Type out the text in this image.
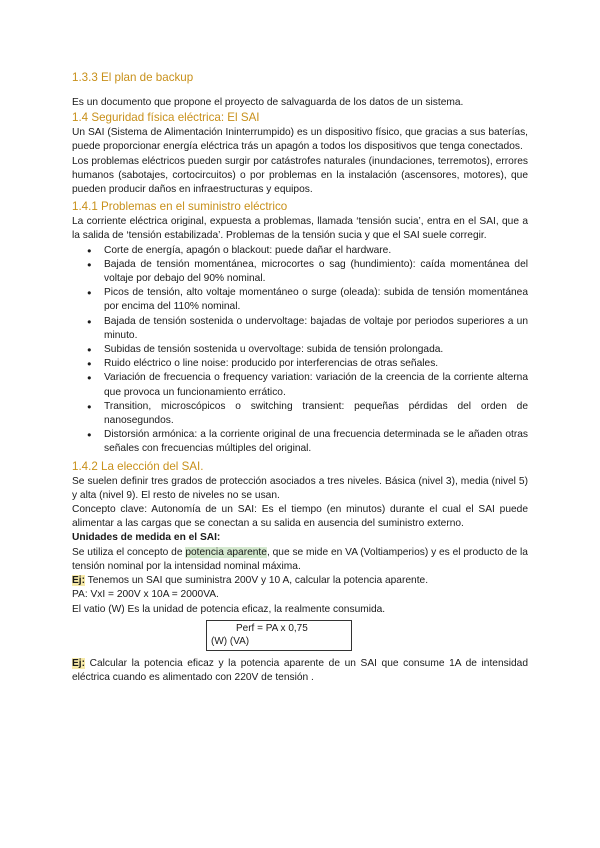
1.3.3 El plan de backup

Es un documento que propone el proyecto de salvaguarda de los datos de un sistema.

1.4 Seguridad física eléctrica: El SAI

Un SAI (Sistema de Alimentación Ininterrumpido) es un dispositivo físico, que gracias a sus baterías, puede proporcionar energía eléctrica trás un apagón a todos los dispositivos que tenga conectados.

Los problemas eléctricos pueden surgir por catástrofes naturales (inundaciones, terremotos), errores humanos (sabotajes, cortocircuitos) o por problemas en la instalación (ascensores, motores), que pueden producir daños en infraestructuras y equipos.

1.4.1 Problemas en el suministro eléctrico

La corriente eléctrica original, expuesta a problemas, llamada ‘tensión sucia’, entra en el SAI, que a la salida de ‘tensión estabilizada’. Problemas de la tensión sucia y que el SAI suele corregir.

● Corte de energía, apagón o blackout: puede dañar el hardware.
● Bajada de tensión momentánea, microcortes o sag (hundimiento): caída momentánea del voltaje por debajo del 90% nominal.
● Picos de tensión, alto voltaje momentáneo o surge (oleada): subida de tensión momentánea por encima del 110% nominal.
● Bajada de tensión sostenida o undervoltage: bajadas de voltaje por periodos superiores a un minuto.
● Subidas de tensión sostenida u overvoltage: subida de tensión prolongada.
● Ruido eléctrico o line noise: producido por interferencias de otras señales.
● Variación de frecuencia o frequency variation: variación de la creencia de la corriente alterna que provoca un funcionamiento errático.
● Transition, microscópicos o switching transient: pequeñas pérdidas del orden de nanosegundos.
● Distorsión armónica: a la corriente original de una frecuencia determinada se le añaden otras señales con frecuencias múltiples del original.
1.4.2 La elección del SAI.

Se suelen definir tres grados de protección asociados a tres niveles. Básica (nivel 3), media (nivel 5) y alta (nivel 9). El resto de niveles no se usan.

Concepto clave: Autonomía de un SAI: Es el tiempo (en minutos) durante el cual el SAI puede alimentar a las cargas que se conectan a su salida en ausencia del suministro externo.

Unidades de medida en el SAI:

Se utiliza el concepto de potencia aparente, que se mide en VA (Voltiamperios) y es el producto de la tensión nominal por la intensidad nominal máxima.

Ej: Tenemos un SAI que suministra 200V y 10 A, calcular la potencia aparente.

PA: VxI = 200V x 10A = 2000VA.

El vatio (W) Es la unidad de potencia eficaz, la realmente consumida.

Perf = PA x 0,75
(W) (VA)

Ej: Calcular la potencia eficaz y la potencia aparente de un SAI que consume 1A de intensidad eléctrica cuando es alimentado con 220V de tensión .
